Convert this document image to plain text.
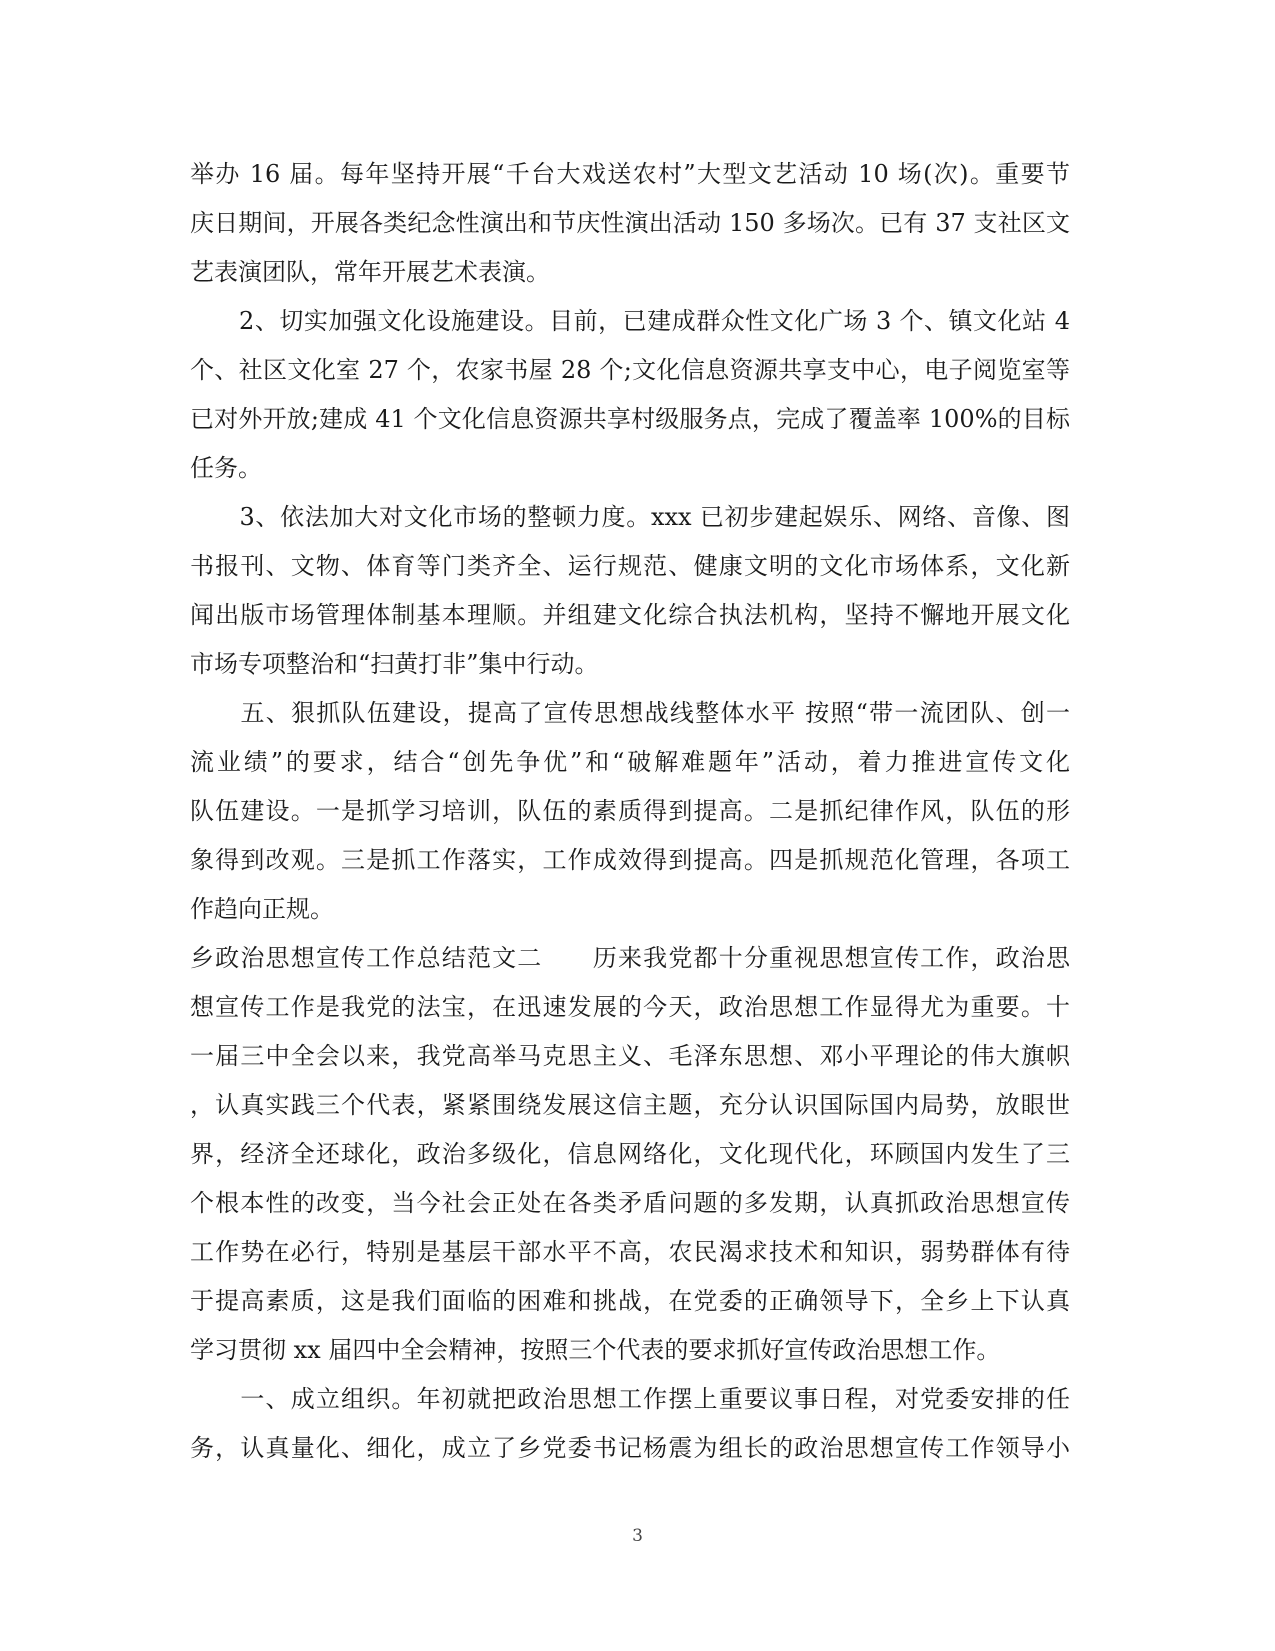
举办 16 届。每年坚持开展“千台大戏送农村”大型文艺活动 10 场(次)。重要节
庆日期间，开展各类纪念性演出和节庆性演出活动 150 多场次。已有 37 支社区文
艺表演团队，常年开展艺术表演。
　　2、切实加强文化设施建设。目前，已建成群众性文化广场 3 个、镇文化站 4
个、社区文化室 27 个，农家书屋 28 个;文化信息资源共享支中心，电子阅览室等
已对外开放;建成 41 个文化信息资源共享村级服务点，完成了覆盖率 100%的目标
任务。
　　3、依法加大对文化市场的整顿力度。xxx 已初步建起娱乐、网络、音像、图
书报刊、文物、体育等门类齐全、运行规范、健康文明的文化市场体系，文化新
闻出版市场管理体制基本理顺。并组建文化综合执法机构，坚持不懈地开展文化
市场专项整治和“扫黄打非”集中行动。
　　五、狠抓队伍建设，提高了宣传思想战线整体水平 按照“带一流团队、创一
流业绩”的要求，结合“创先争优”和“破解难题年”活动，着力推进宣传文化
队伍建设。一是抓学习培训，队伍的素质得到提高。二是抓纪律作风，队伍的形
象得到改观。三是抓工作落实，工作成效得到提高。四是抓规范化管理，各项工
作趋向正规。
乡政治思想宣传工作总结范文二　　历来我党都十分重视思想宣传工作，政治思
想宣传工作是我党的法宝，在迅速发展的今天，政治思想工作显得尤为重要。十
一届三中全会以来，我党高举马克思主义、毛泽东思想、邓小平理论的伟大旗帜
，认真实践三个代表，紧紧围绕发展这信主题，充分认识国际国内局势，放眼世
界，经济全还球化，政治多级化，信息网络化，文化现代化，环顾国内发生了三
个根本性的改变，当今社会正处在各类矛盾问题的多发期，认真抓政治思想宣传
工作势在必行，特别是基层干部水平不高，农民渴求技术和知识，弱势群体有待
于提高素质，这是我们面临的困难和挑战，在党委的正确领导下，全乡上下认真
学习贯彻 xx 届四中全会精神，按照三个代表的要求抓好宣传政治思想工作。
　　一、成立组织。年初就把政治思想工作摆上重要议事日程，对党委安排的任
务，认真量化、细化，成立了乡党委书记杨震为组长的政治思想宣传工作领导小
3
